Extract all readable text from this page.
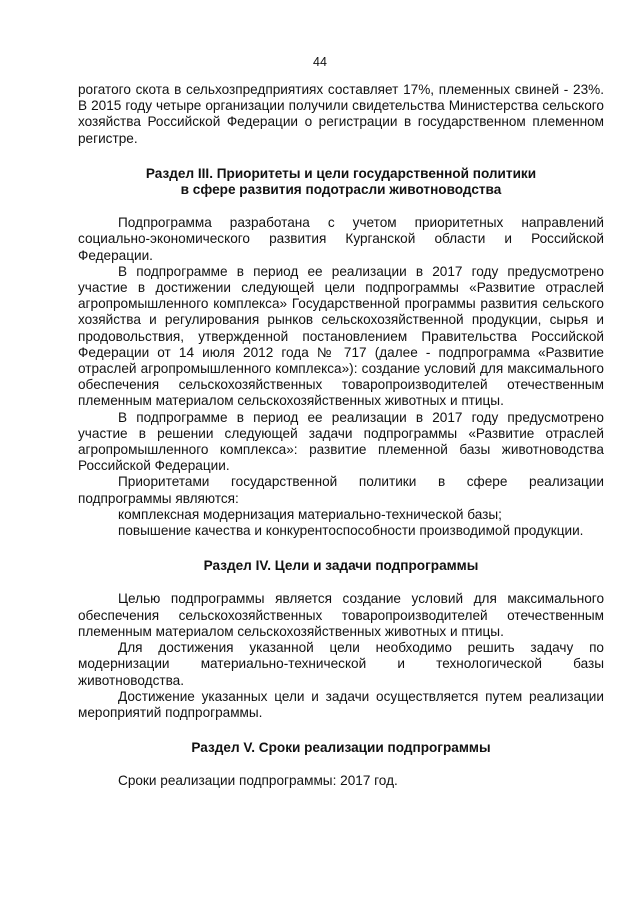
44

рогатого скота в сельхозпредприятиях составляет 17%, племенных свиней - 23%. В 2015 году четыре организации получили свидетельства Министерства сельского хозяйства Российской Федерации о регистрации в государственном племенном регистре.

Раздел III. Приоритеты и цели государственной политики

в сфере развития подотрасли животноводства

Подпрограмма разработана с учетом приоритетных направлений социально-экономического развития Курганской области и Российской Федерации.

В подпрограмме в период ее реализации в 2017 году предусмотрено участие в достижении следующей цели подпрограммы «Развитие отраслей агропромышленного комплекса» Государственной программы развития сельского хозяйства и регулирования рынков сельскохозяйственной продукции, сырья и продовольствия, утвержденной постановлением Правительства Российской Федерации от 14 июля 2012 года № 717 (далее - подпрограмма «Развитие отраслей агропромышленного комплекса»): создание условий для максимального обеспечения сельскохозяйственных товаропроизводителей отечественным племенным материалом сельскохозяйственных животных и птицы.

В подпрограмме в период ее реализации в 2017 году предусмотрено участие в решении следующей задачи подпрограммы «Развитие отраслей агропромышленного комплекса»: развитие племенной базы животноводства Российской Федерации.

Приоритетами государственной политики в сфере реализации подпрограммы являются:

комплексная модернизация материально-технической базы;

повышение качества и конкурентоспособности производимой продукции.

Раздел IV. Цели и задачи подпрограммы

Целью подпрограммы является создание условий для максимального обеспечения сельскохозяйственных товаропроизводителей отечественным племенным материалом сельскохозяйственных животных и птицы.

Для достижения указанной цели необходимо решить задачу по модернизации материально-технической и технологической базы животноводства.

Достижение указанных цели и задачи осуществляется путем реализации мероприятий подпрограммы.

Раздел V. Сроки реализации подпрограммы

Сроки реализации подпрограммы: 2017 год.
